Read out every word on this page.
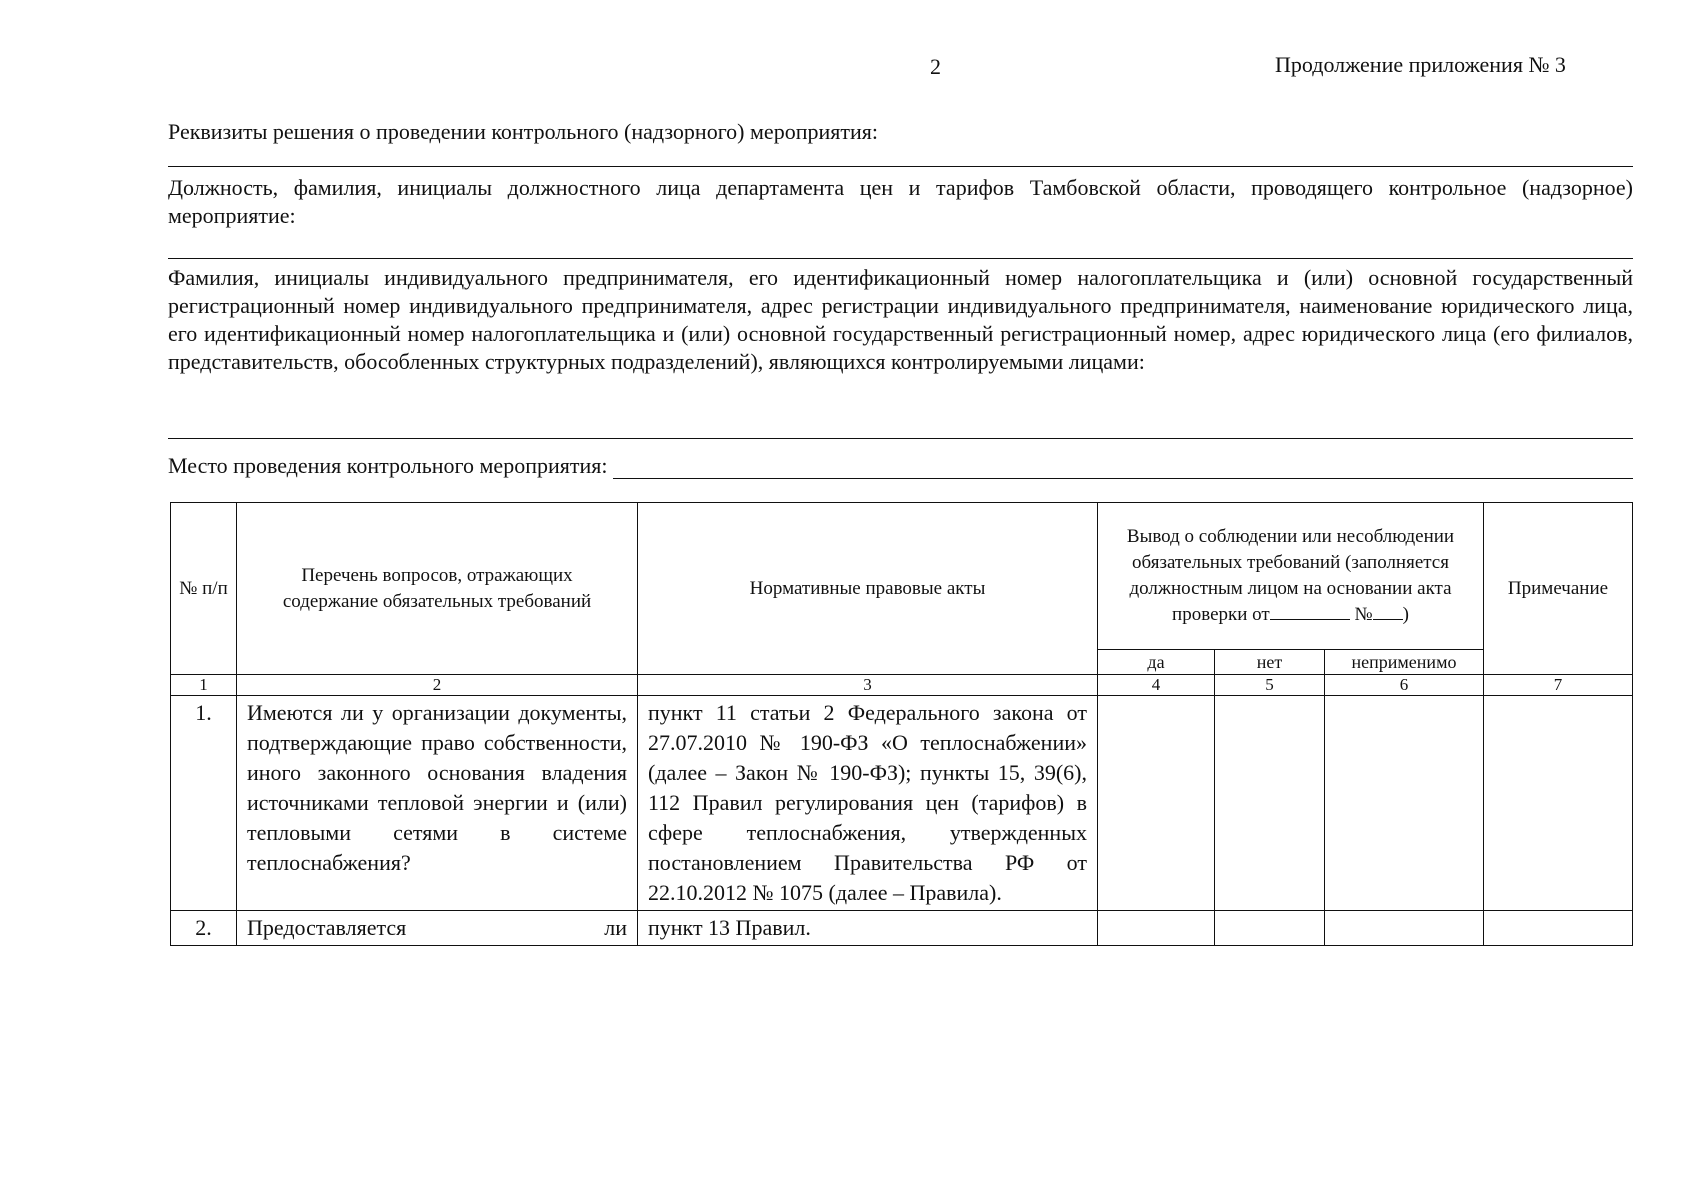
2	Продолжение приложения № 3
Реквизиты решения о проведении контрольного (надзорного) мероприятия:
Должность, фамилия, инициалы должностного лица департамента цен и тарифов Тамбовской области, проводящего контрольное (надзорное) мероприятие:
Фамилия, инициалы индивидуального предпринимателя, его идентификационный номер налогоплательщика и (или) основной государственный регистрационный номер индивидуального предпринимателя, адрес регистрации индивидуального предпринимателя, наименование юридического лица, его идентификационный номер налогоплательщика и (или) основной государственный регистрационный номер, адрес юридического лица (его филиалов, представительств, обособленных структурных подразделений), являющихся контролируемыми лицами:
Место проведения контрольного мероприятия:
№ п/п	Перечень вопросов, отражающих содержание обязательных требований	Нормативные правовые акты	Вывод о соблюдении или несоблюдении обязательных требований (заполняется должностным лицом на основании акта проверки от № )			Примечание
			да	нет	неприменимо	
1	2	3	4	5	6	7
1.	Имеются ли у организации документы, подтверждающие право собственности, иного законного основания владения источниками тепловой энергии и (или) тепловыми сетями в системе теплоснабжения?	пункт 11 статьи 2 Федерального закона от 27.07.2010 № 190-ФЗ «О теплоснабжении» (далее – Закон № 190-ФЗ); пункты 15, 39(6), 112 Правил регулирования цен (тарифов) в сфере теплоснабжения, утвержденных постановлением Правительства РФ от 22.10.2012 № 1075 (далее – Правила).				
2.	Предоставляется ли	пункт 13 Правил.				
